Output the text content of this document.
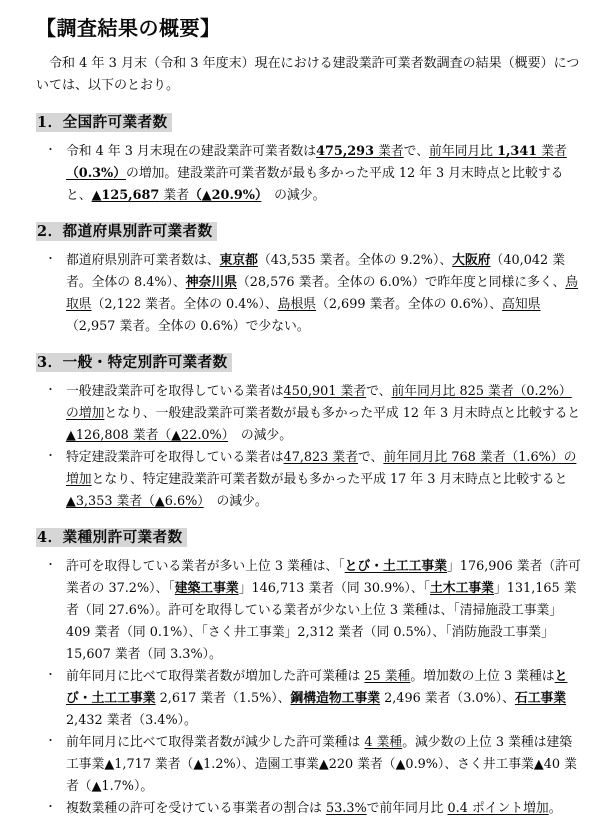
【調査結果の概要】

令和 4 年 3 月末（令和 3 年度末）現在における建設業許可業者数調査の結果（概要）については、以下のとおり。

1．全国許可業者数
・ 令和 4 年 3 月末現在の建設業許可業者数は475,293 業者で、前年同月比 1,341 業者（0.3%）の増加。建設業許可業者数が最も多かった平成 12 年 3 月末時点と比較すると、▲125,687 業者（▲20.9%）　の減少。
2．都道府県別許可業者数
・ 都道府県別許可業者数は、東京都（43,535 業者。全体の 9.2%）、大阪府（40,042 業者。全体の 8.4%）、神奈川県（28,576 業者。全体の 6.0%）で昨年度と同様に多く、鳥取県（2,122 業者。全体の 0.4%）、島根県（2,699 業者。全体の 0.6%）、高知県（2,957 業者。全体の 0.6%）で少ない。
3．一般・特定別許可業者数
・ 一般建設業許可を取得している業者は450,901 業者で、前年同月比 825 業者（0.2%）の増加となり、一般建設業許可業者数が最も多かった平成 12 年 3 月末時点と比較すると▲126,808 業者（▲22.0%）　の減少。
・ 特定建設業許可を取得している業者は47,823 業者で、前年同月比 768 業者（1.6%）の増加となり、特定建設業許可業者数が最も多かった平成 17 年 3 月末時点と比較すると▲3,353 業者（▲6.6%）　の減少。
4．業種別許可業者数
・ 許可を取得している業者が多い上位 3 業種は、「とび・土工工事業」176,906 業者（許可業者の 37.2%）、「建築工事業」146,713 業者（同 30.9%）、「土木工事業」131,165 業者（同 27.6%）。許可を取得している業者が少ない上位 3 業種は、「清掃施設工事業」409 業者（同 0.1%）、「さく井工事業」2,312 業者（同 0.5%）、「消防施設工事業」15,607 業者（同 3.3%）。
・ 前年同月に比べて取得業者数が増加した許可業種は 25 業種。増加数の上位 3 業種はとび・土工工事業 2,617 業者（1.5%）、鋼構造物工事業 2,496 業者（3.0%）、石工事業 2,432 業者（3.4%）。
・ 前年同月に比べて取得業者数が減少した許可業種は 4 業種。減少数の上位 3 業種は建築工事業▲1,717 業者（▲1.2%）、造園工事業▲220 業者（▲0.9%）、さく井工事業▲40 業者（▲1.7%）。
・ 複数業種の許可を受けている事業者の割合は 53.3%で前年同月比 0.4 ポイント増加。
